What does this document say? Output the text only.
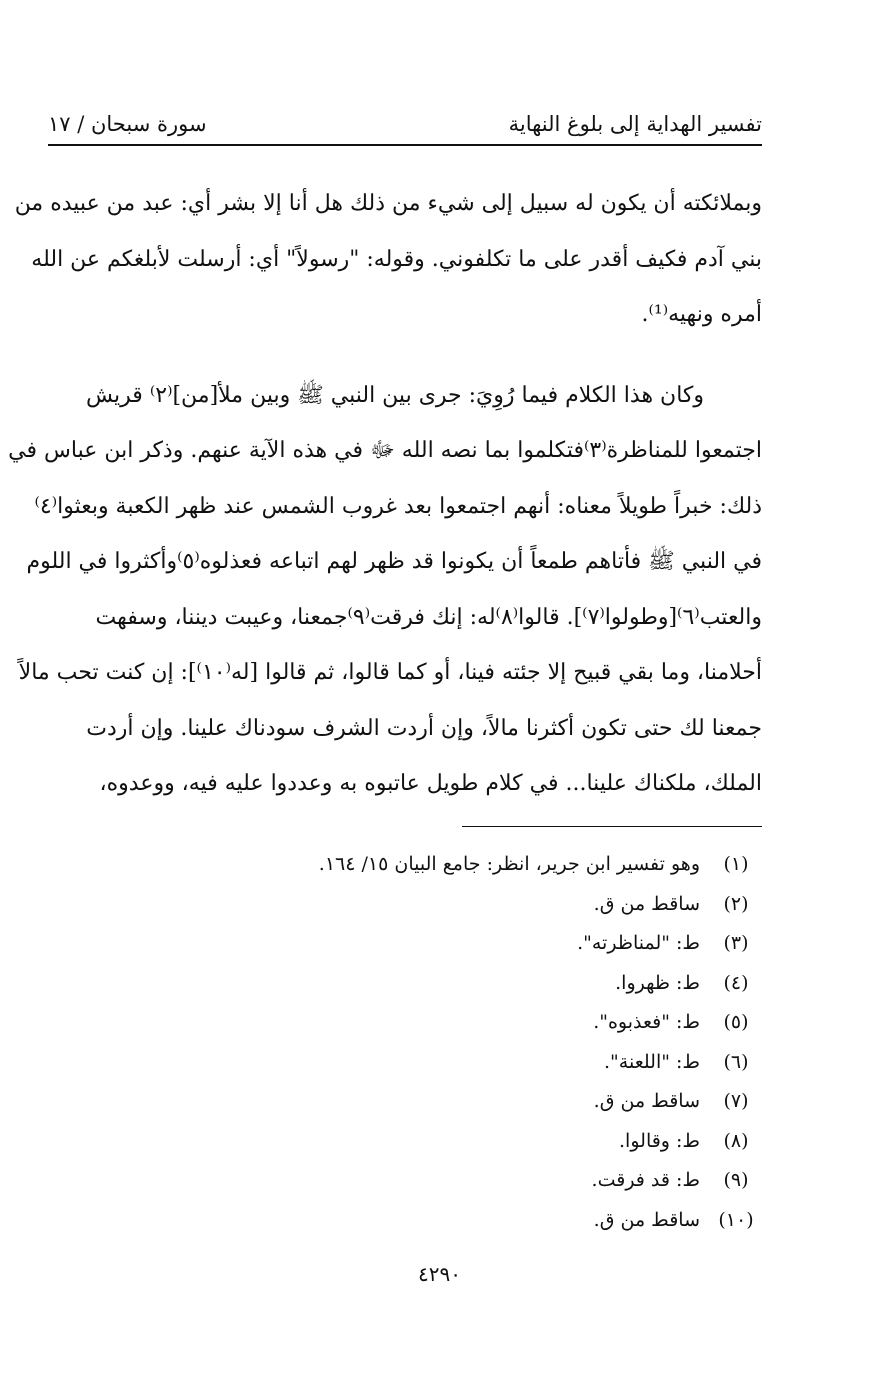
سورة سبحان / ١٧	تفسير الهداية إلى بلوغ النهاية
وبملائكته أن يكون له سبيل إلى شيء من ذلك هل أنا إلا بشر أي: عبد من عبيده من
بني آدم فكيف أقدر على ما تكلفوني. وقوله: "رسولاً" أي: أرسلت لأبلغكم عن الله
أمره ونهيه⁽¹⁾.
وكان هذا الكلام فيما رُوِيَ: جرى بين النبي ﷺ وبين ملأ[من]⁽٢⁾ قريش
اجتمعوا للمناظرة⁽٣⁾فتكلموا بما نصه الله ﷻ في هذه الآية عنهم. وذكر ابن عباس في
ذلك: خبراً طويلاً معناه: أنهم اجتمعوا بعد غروب الشمس عند ظهر الكعبة وبعثوا⁽٤⁾
في النبي ﷺ فأتاهم طمعاً أن يكونوا قد ظهر لهم اتباعه فعذلوه⁽٥⁾وأكثروا في اللوم
والعتب⁽٦⁾[وطولوا⁽٧⁾]. قالوا⁽٨⁾له: إنك فرقت⁽٩⁾جمعنا، وعيبت ديننا، وسفهت
أحلامنا، وما بقي قبيح إلا جئته فينا، أو كما قالوا، ثم قالوا [له⁽١٠⁾]: إن كنت تحب مالاً
جمعنا لك حتى تكون أكثرنا مالاً، وإن أردت الشرف سودناك علينا. وإن أردت
الملك، ملكناك علينا... في كلام طويل عاتبوه به وعددوا عليه فيه، ووعدوه،
(١)
وهو تفسير ابن جرير، انظر: جامع البيان ١٥/ ١٦٤.
(٢)
ساقط من ق.
(٣)
ط: "لمناظرته".
(٤)
ط: ظهروا.
(٥)
ط: "فعذبوه".
(٦)
ط: "اللعنة".
(٧)
ساقط من ق.
(٨)
ط: وقالوا.
(٩)
ط: قد فرقت.
(١٠)
ساقط من ق.
٤٢٩٠
